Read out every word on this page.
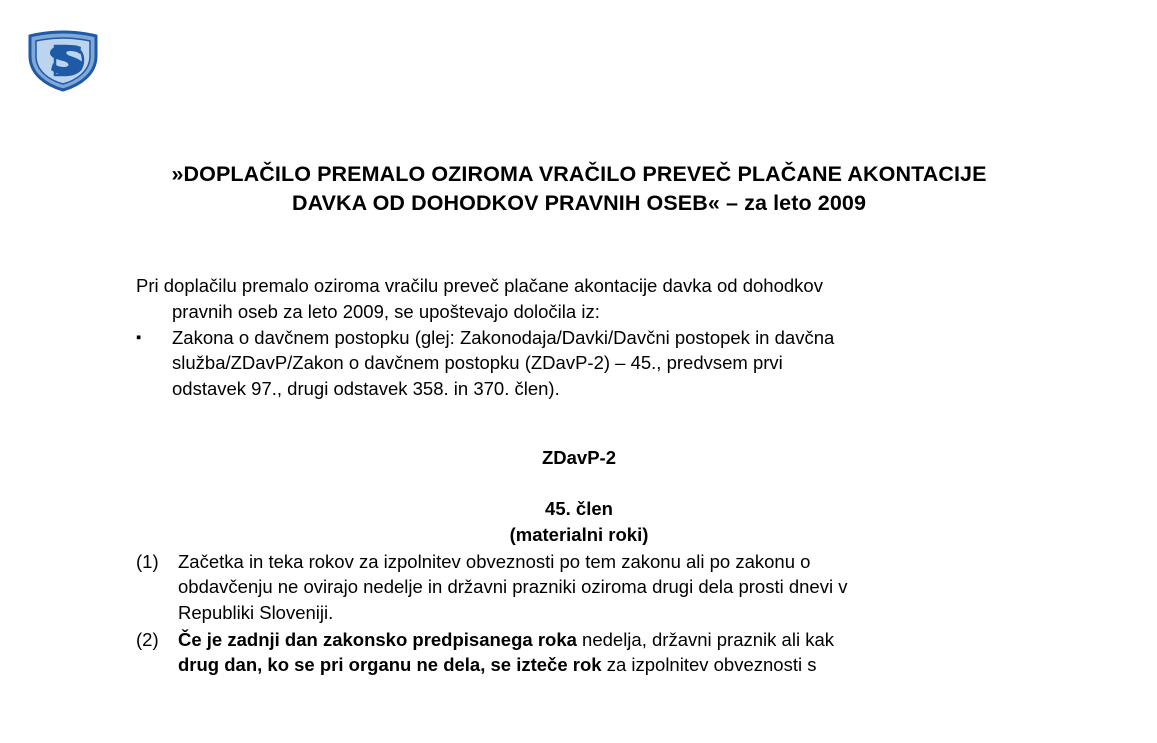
»DOPLAČILO PREMALO OZIROMA VRAČILO PREVEČ PLAČANE AKONTACIJE DAVKA OD DOHODKOV PRAVNIH OSEB« – za leto 2009
Pri doplačilu premalo oziroma vračilu preveč plačane akontacije davka od dohodkov
pravnih oseb za leto 2009, se upoštevajo določila iz:
▪	Zakona o davčnem postopku (glej: Zakonodaja/Davki/Davčni postopek in davčna
služba/ZDavP/Zakon o davčnem postopku (ZDavP-2) – 45., predvsem prvi
odstavek 97., drugi odstavek 358. in 370. člen).
ZDavP-2
45. člen
(materialni roki)
(1)	Začetka in teka rokov za izpolnitev obveznosti po tem zakonu ali po zakonu o
obdavčenju ne ovirajo nedelje in državni prazniki oziroma drugi dela prosti dnevi v
Republiki Sloveniji.
(2)	Če je zadnji dan zakonsko predpisanega roka nedelja, državni praznik ali kak
drug dan, ko se pri organu ne dela, se izteče rok za izpolnitev obveznosti s
